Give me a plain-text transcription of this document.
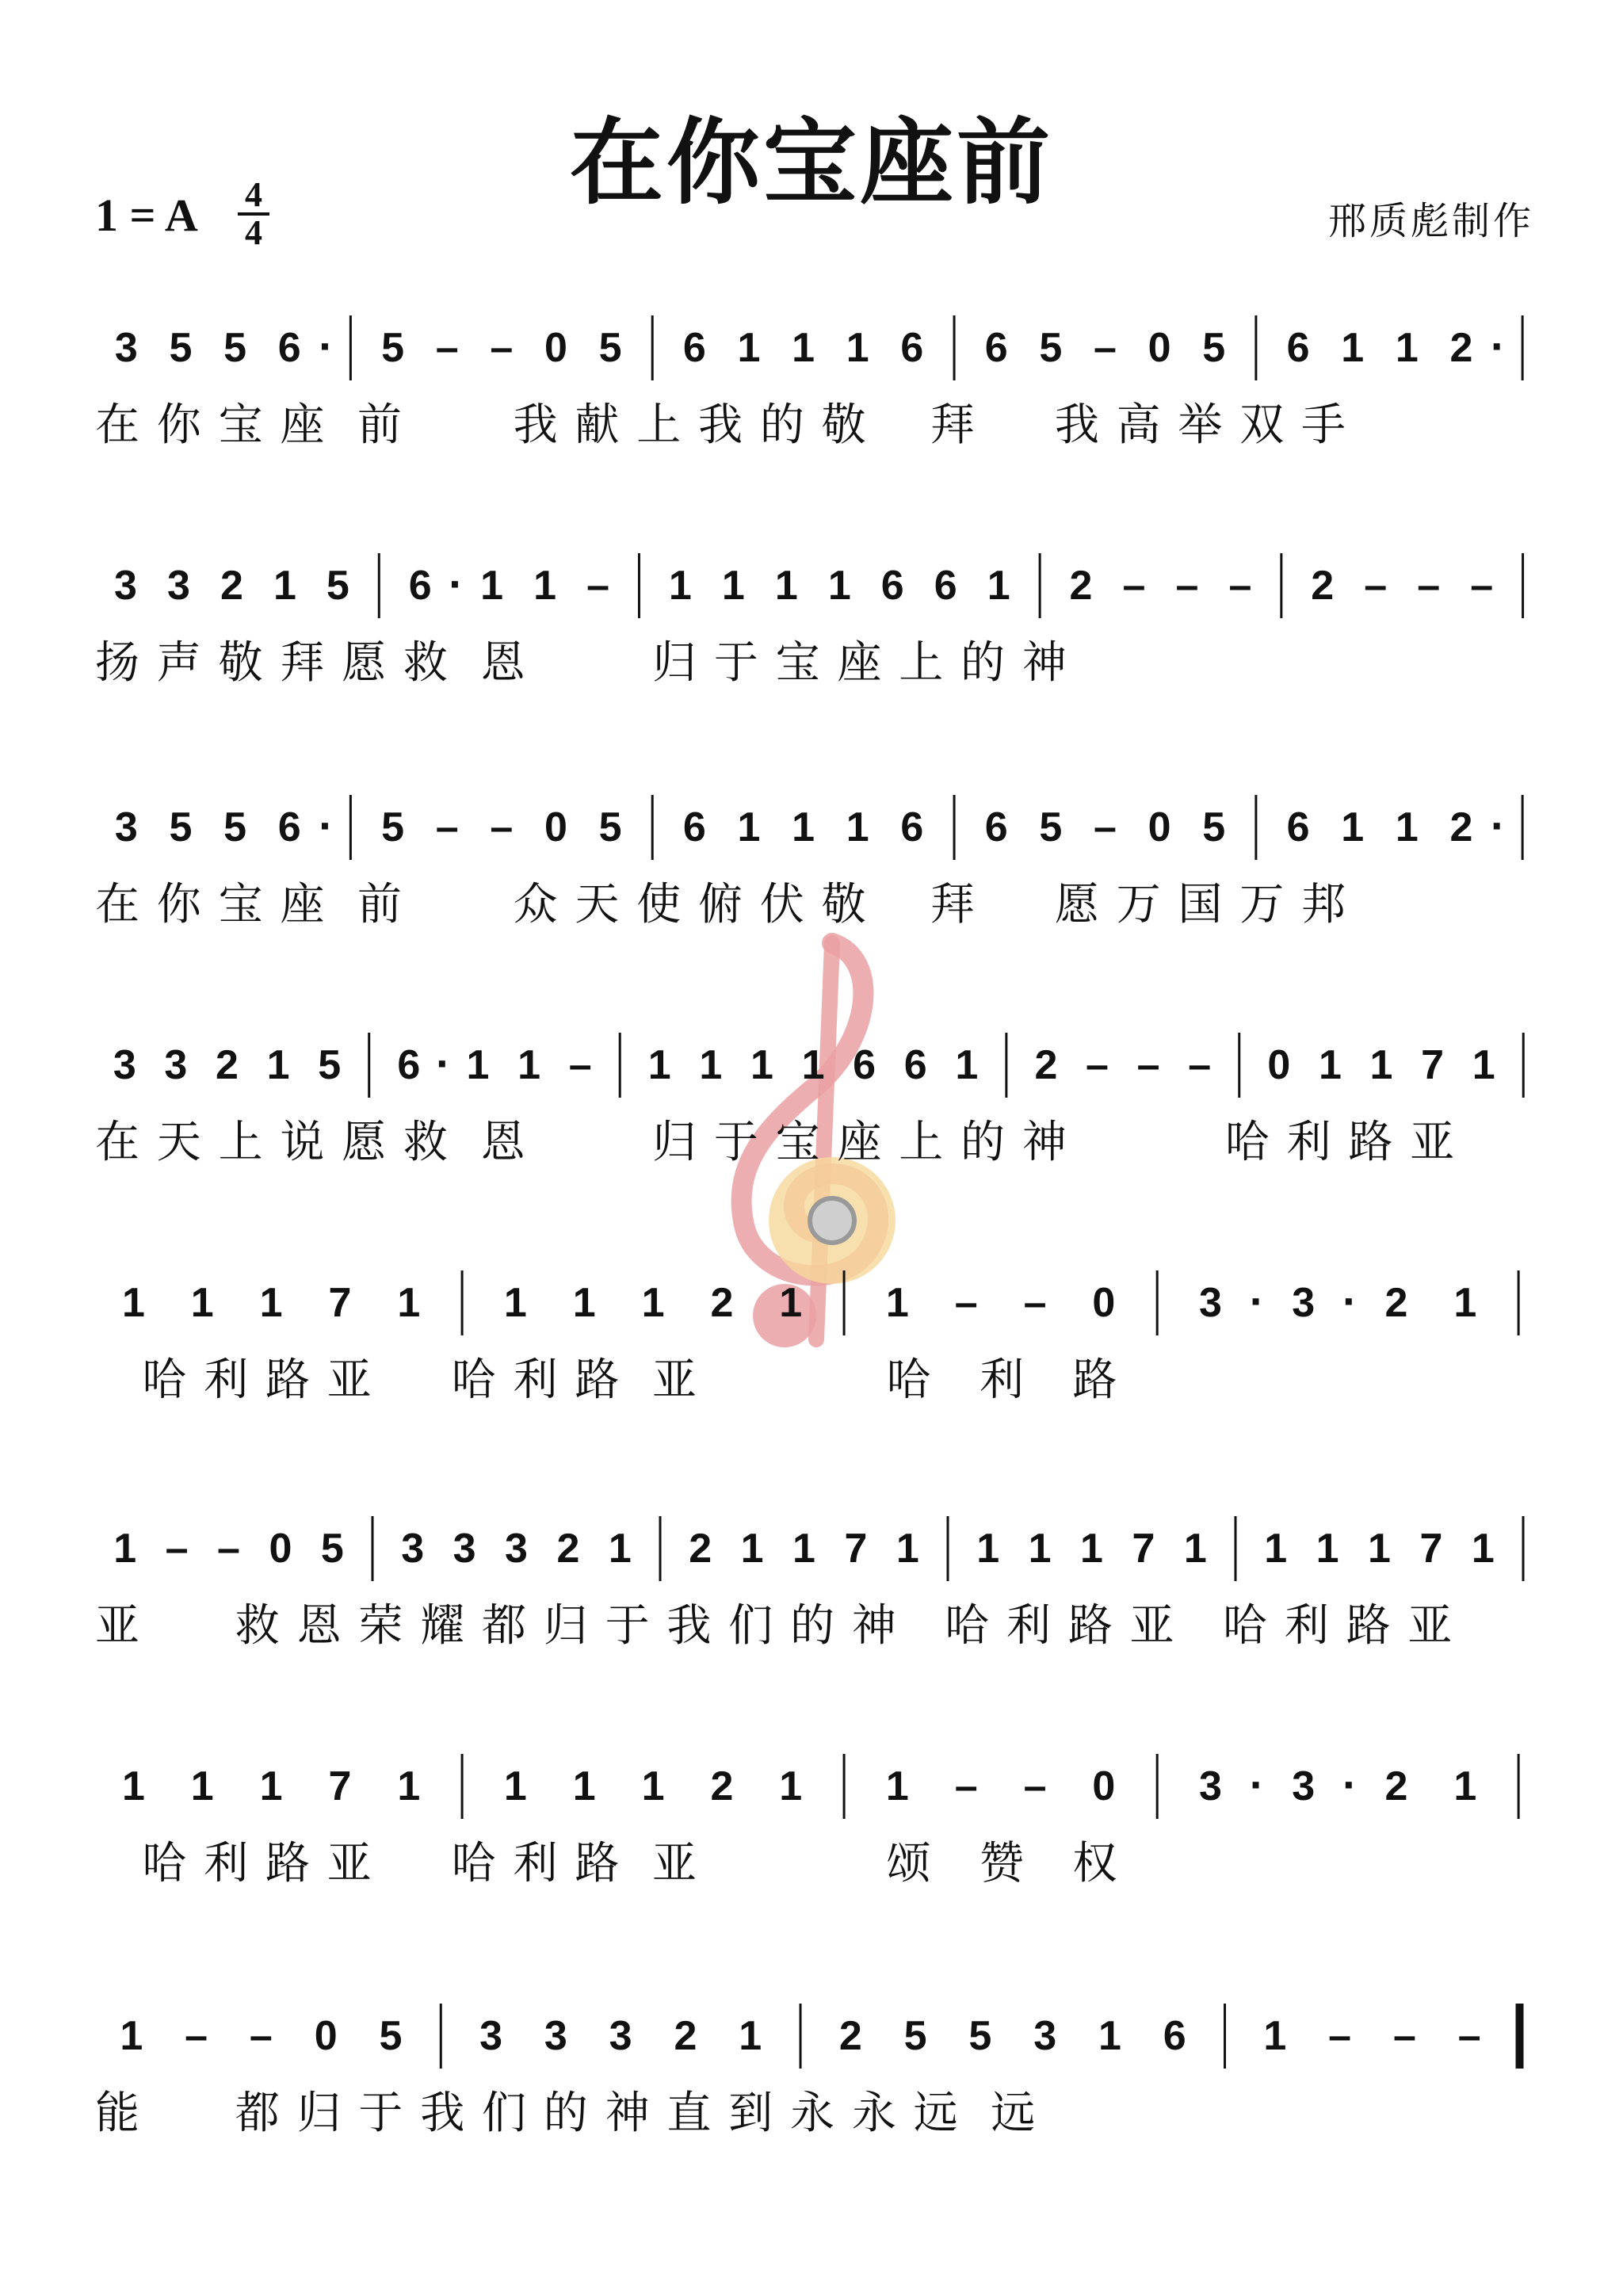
在你宝座前
1 = A 4
4	邢质彪制作
3 5 5 6 · 5 – – 0 5 6 1 1 1 6 6 5 – 0 5 6 1 1 2 ·
在 你 宝 座  前       我 献 上 我 的 敬    拜     我 高 举 双 手
3 3 2 1 5 6 · 1 1 – 1 1 1 1 6 6 1 2 – – – 2 – – –
扬 声 敬 拜 愿 救  恩        归 于 宝 座 上 的 神
3 5 5 6 · 5 – – 0 5 6 1 1 1 6 6 5 – 0 5 6 1 1 2 ·
在 你 宝 座  前       众 天 使 俯 伏 敬    拜     愿 万 国 万 邦
3 3 2 1 5 6 · 1 1 – 1 1 1 1 6 6 1 2 – – – 0 1 1 7 1
在 天 上 说 愿 救  恩        归 于 宝 座 上 的 神          哈 利 路 亚
1 1 1 7 1 1 1 1 2 1 1 – – 0 3 · 3 · 2 1
哈 利 路 亚     哈 利 路  亚            哈   利   路
1 – – 0 5 3 3 3 2 1 2 1 1 7 1 1 1 1 7 1 1 1 1 7 1
亚      救 恩 荣 耀 都 归 于 我 们 的 神   哈 利 路 亚   哈 利 路 亚
1 1 1 7 1 1 1 1 2 1 1 – – 0 3 · 3 · 2 1
哈 利 路 亚     哈 利 路  亚            颂   赞   权
1 – – 0 5 3 3 3 2 1 2 5 5 3 1 6 1 – – –
能      都 归 于 我 们 的 神 直 到 永 永 远  远
